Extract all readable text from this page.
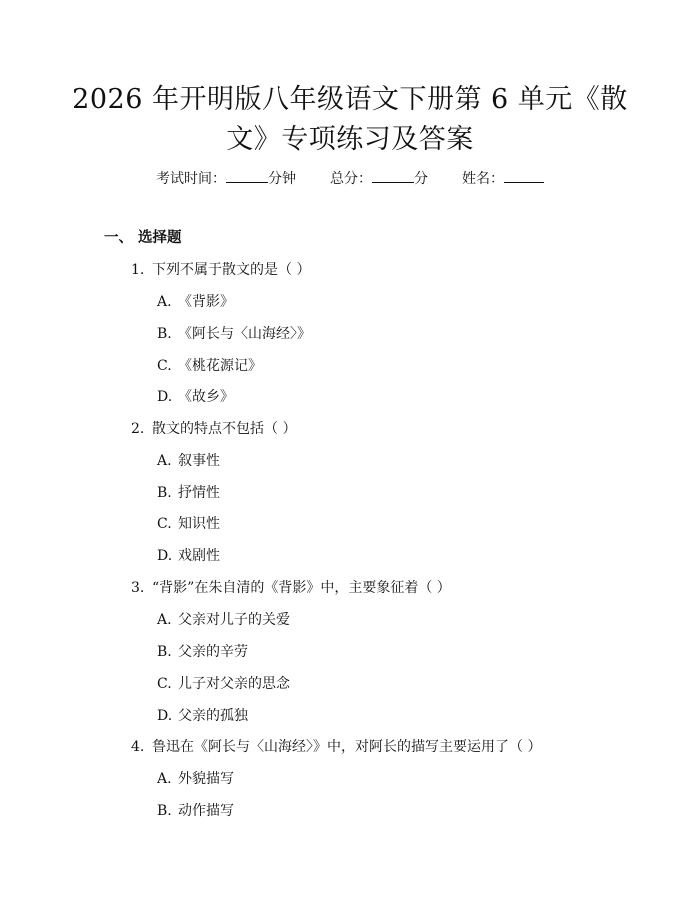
2026 年开明版八年级语文下册第 6 单元《散
文》专项练习及答案
考试时间：	分钟 总分：	分 姓名：
一、 选择题
1. 下列不属于散文的是（ ）
A. 《背影》
B. 《阿长与〈山海经〉》
C. 《桃花源记》
D. 《故乡》
2. 散文的特点不包括（ ）
A. 叙事性
B. 抒情性
C. 知识性
D. 戏剧性
3. “背影”在朱自清的《背影》中，主要象征着（ ）
A. 父亲对儿子的关爱
B. 父亲的辛劳
C. 儿子对父亲的思念
D. 父亲的孤独
4. 鲁迅在《阿长与〈山海经〉》中，对阿长的描写主要运用了（ ）
A. 外貌描写
B. 动作描写
